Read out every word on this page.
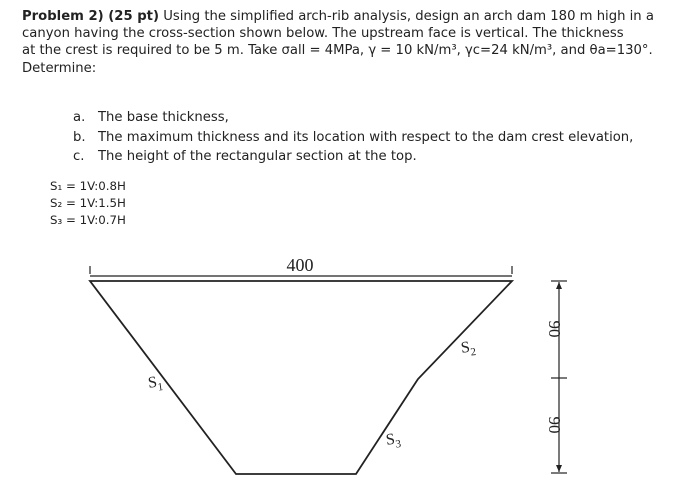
Problem 2) (25 pt) Using the simplified arch-rib analysis, design an arch dam 180 m high in a
canyon having the cross-section shown below. The upstream face is vertical. The thickness
at the crest is required to be 5 m. Take σall = 4MPa, γ = 10 kN/m³, γc=24 kN/m³, and θa=130°.
Determine:
a. The base thickness,
b. The maximum thickness and its location with respect to the dam crest elevation,
c.	The height of the rectangular section at the top.
S₁ = 1V:0.8H
S₂ = 1V:1.5H
S₃ = 1V:0.7H
400
90
90
$S_1$
$S_2$
$S_3$
